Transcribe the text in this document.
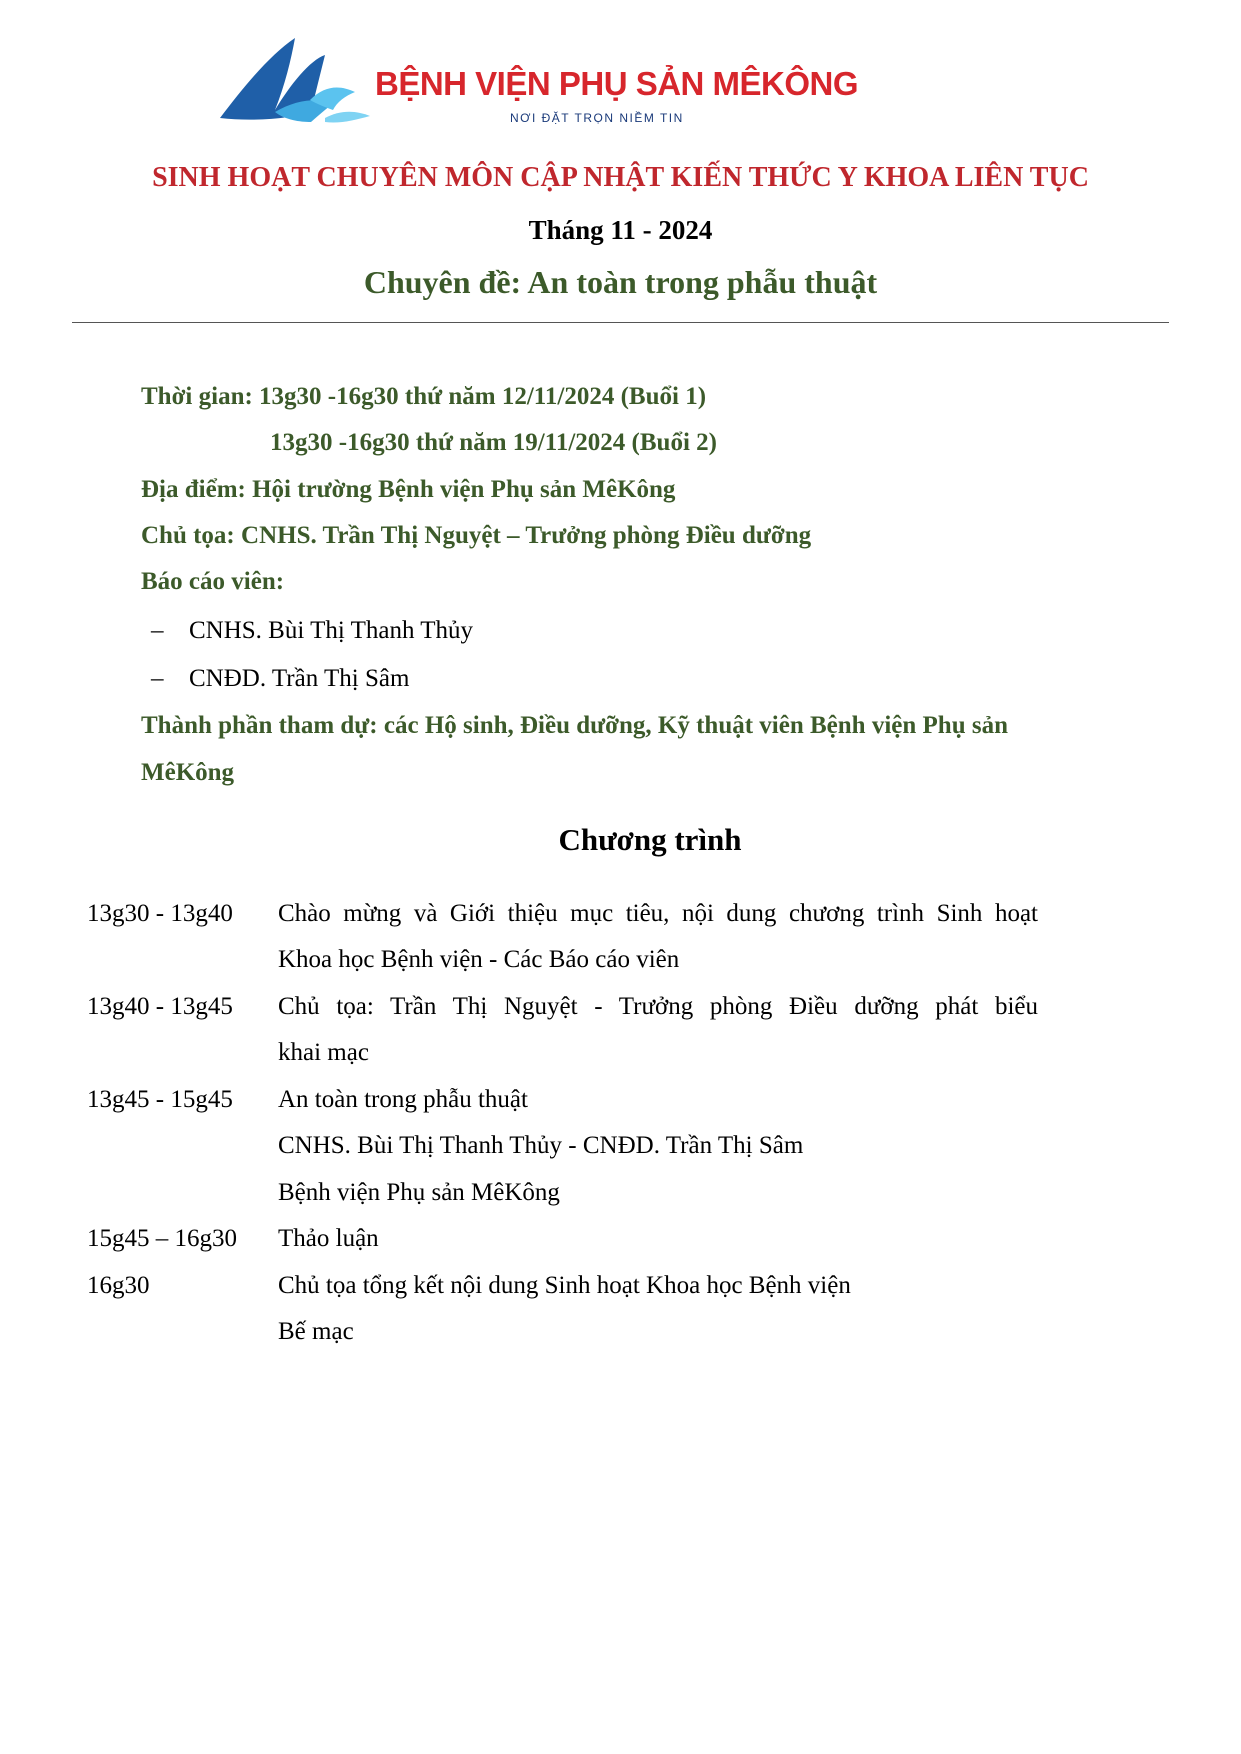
BỆNH VIỆN PHỤ SẢN MÊKÔNG
NƠI ĐẶT TRỌN NIỀM TIN
SINH HOẠT CHUYÊN MÔN CẬP NHẬT KIẾN THỨC Y KHOA LIÊN TỤC
Tháng 11 - 2024
Chuyên đề: An toàn trong phẫu thuật
Thời gian: 13g30 -16g30 thứ năm 12/11/2024 (Buổi 1)
13g30 -16g30 thứ năm 19/11/2024 (Buổi 2)
Địa điểm: Hội trường Bệnh viện Phụ sản MêKông
Chủ tọa: CNHS. Trần Thị Nguyệt – Trưởng phòng Điều dưỡng
Báo cáo viên:
– CNHS. Bùi Thị Thanh Thủy
– CNĐD. Trần Thị Sâm
Thành phần tham dự: các Hộ sinh, Điều dưỡng, Kỹ thuật viên Bệnh viện Phụ sản
MêKông
Chương trình
13g30 - 13g40 Chào mừng và Giới thiệu mục tiêu, nội dung chương trình Sinh hoạt
Khoa học Bệnh viện - Các Báo cáo viên
13g40 - 13g45 Chủ tọa: Trần Thị Nguyệt - Trưởng phòng Điều dưỡng phát biểu
khai mạc
13g45 - 15g45 An toàn trong phẫu thuật
CNHS. Bùi Thị Thanh Thủy - CNĐD. Trần Thị Sâm
Bệnh viện Phụ sản MêKông
15g45 – 16g30 Thảo luận
16g30	Chủ tọa tổng kết nội dung Sinh hoạt Khoa học Bệnh viện
Bế mạc
